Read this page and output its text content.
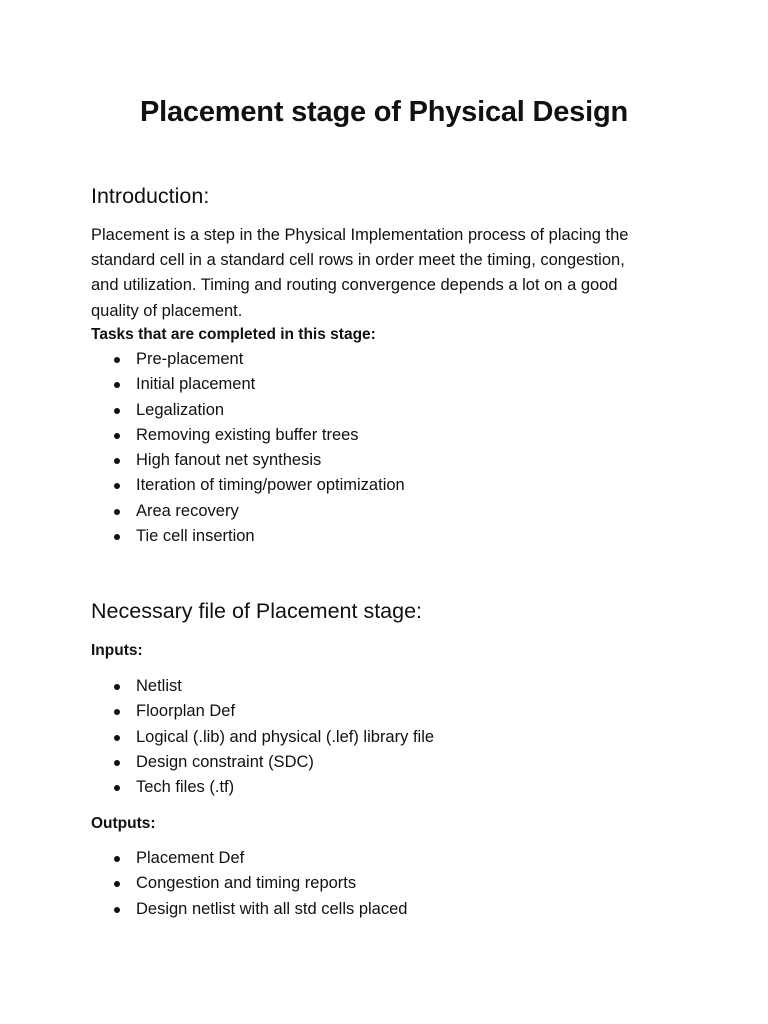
Placement stage of Physical Design
Introduction:
Placement is a step in the Physical Implementation process of placing the
standard cell in a standard cell rows in order meet the timing, congestion,
and utilization. Timing and routing convergence depends a lot on a good
quality of placement.
Tasks that are completed in this stage:
Pre-placement
Initial placement
Legalization
Removing existing buffer trees
High fanout net synthesis
Iteration of timing/power optimization
Area recovery
Tie cell insertion
Necessary file of Placement stage:
Inputs:
Netlist
Floorplan Def
Logical (.lib) and physical (.lef) library file
Design constraint (SDC)
Tech files (.tf)
Outputs:
Placement Def
Congestion and timing reports
Design netlist with all std cells placed
